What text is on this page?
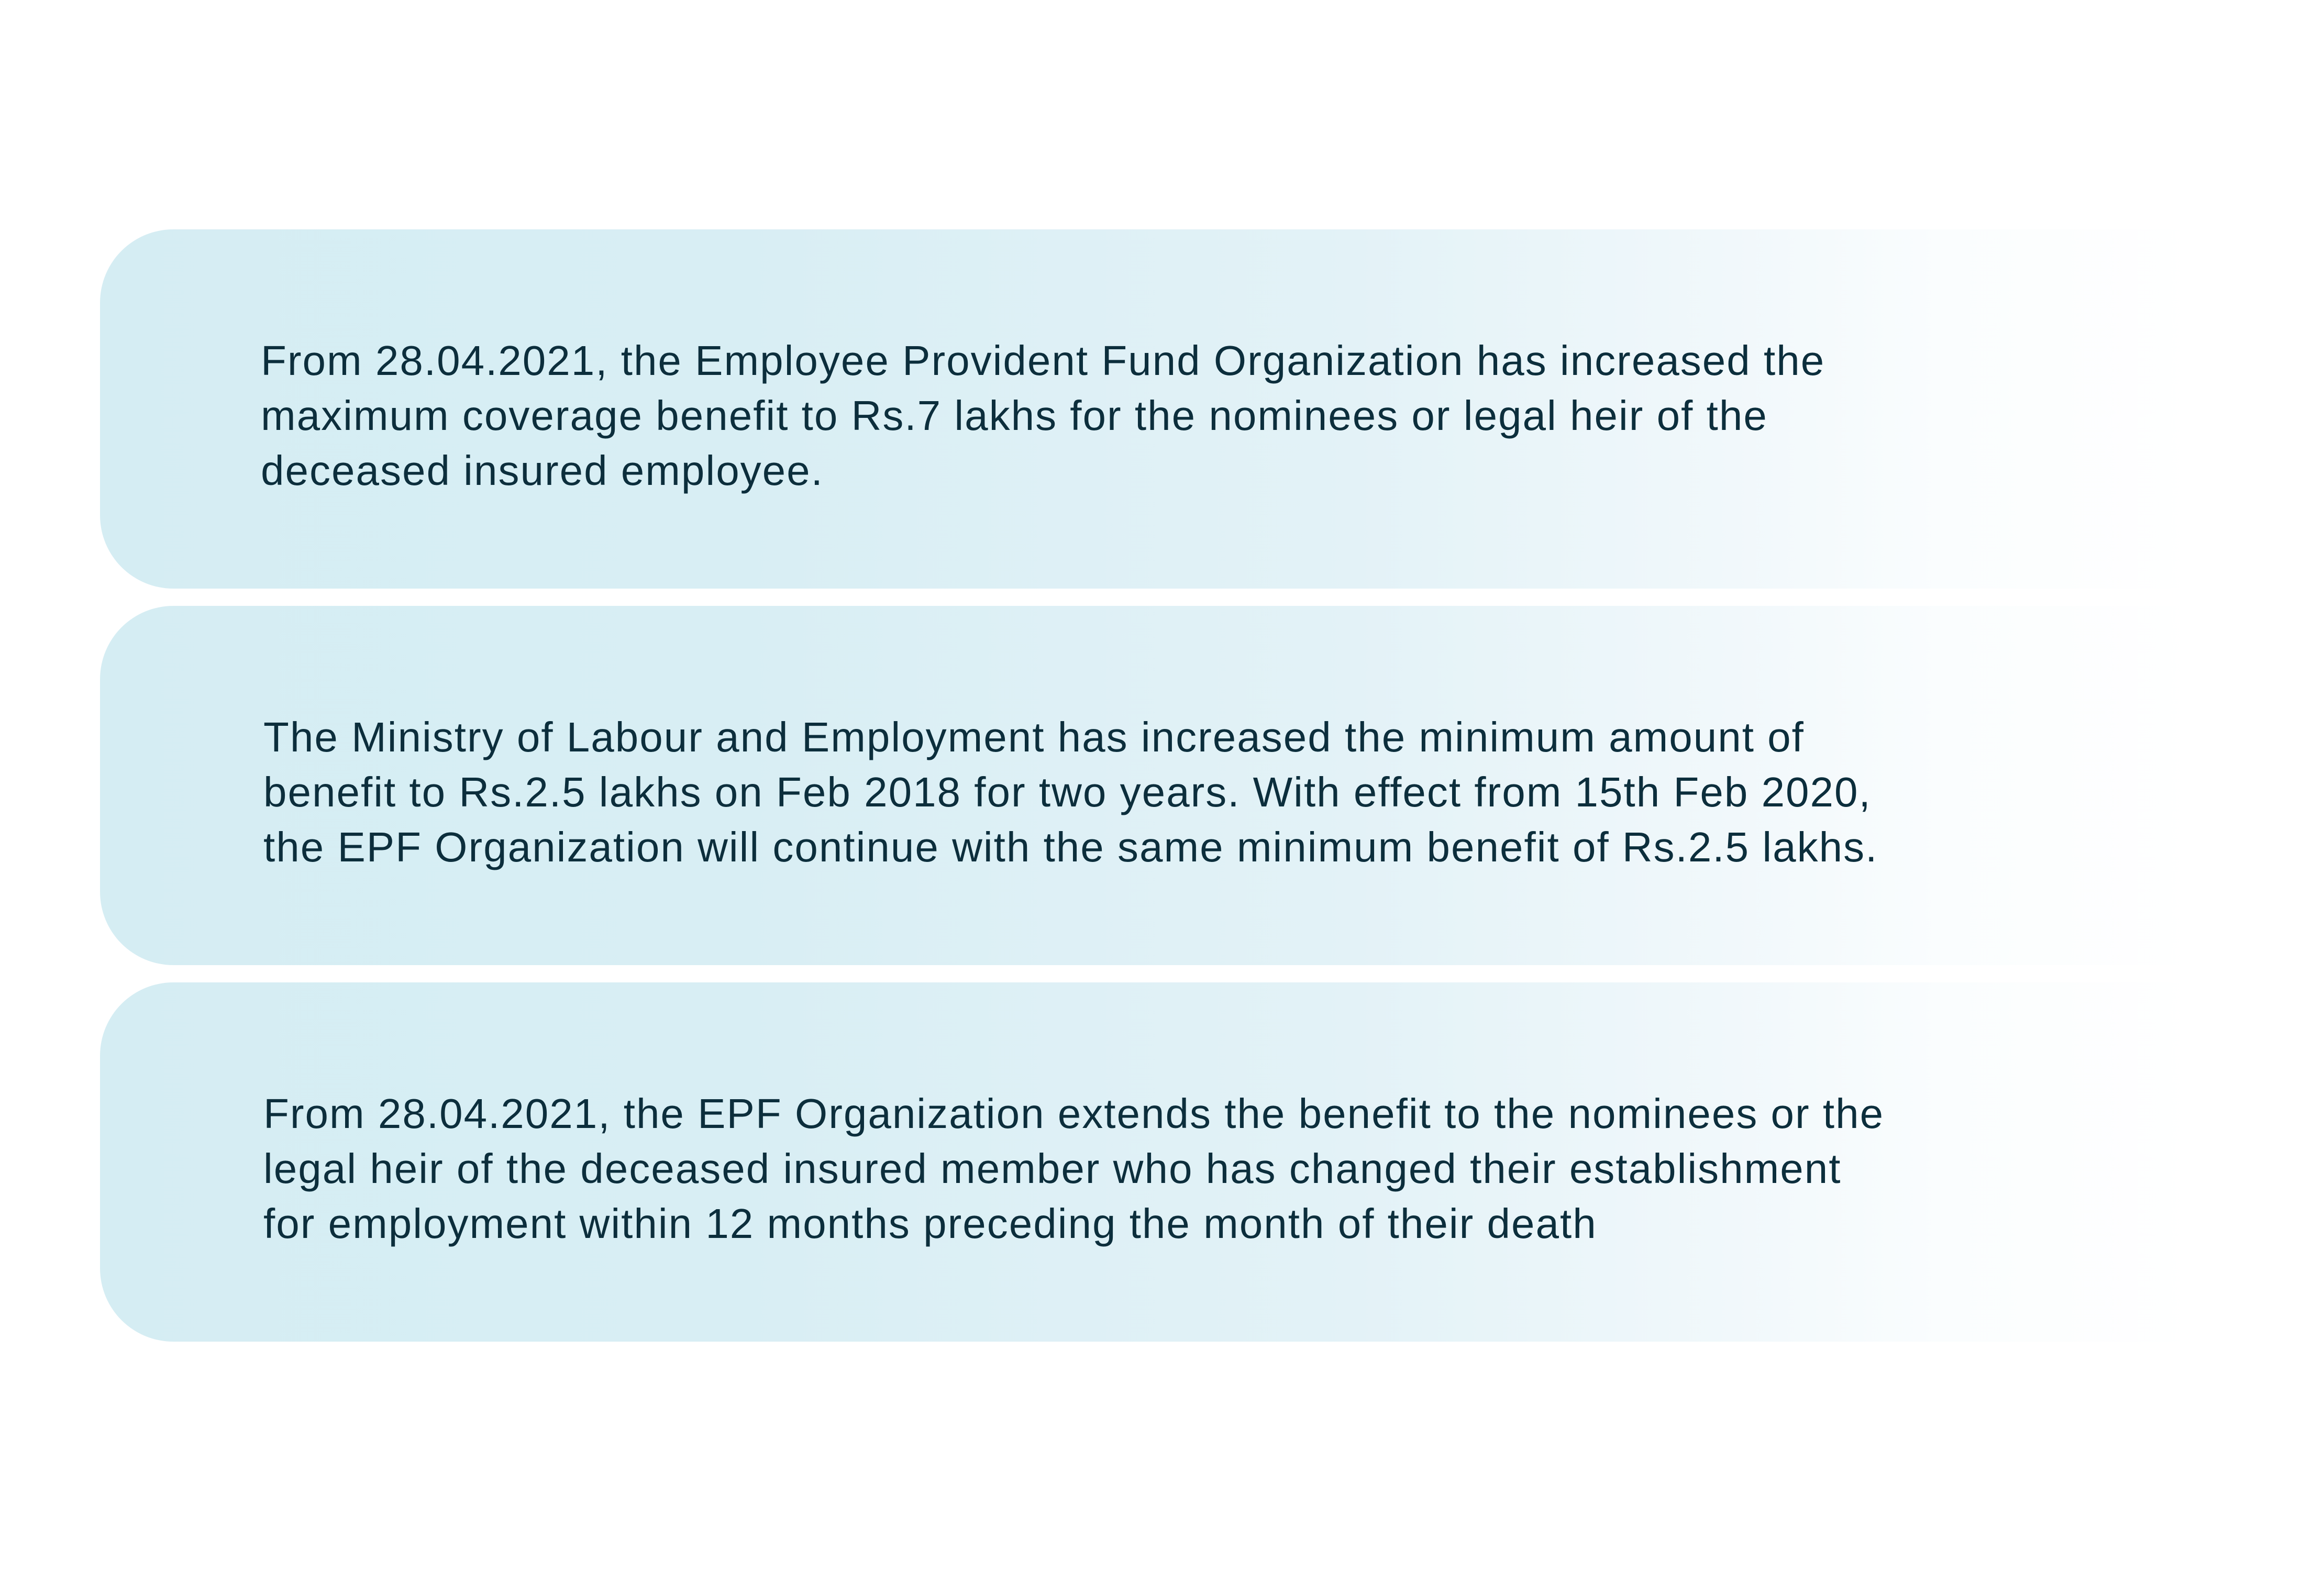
From 28.04.2021, the Employee Provident Fund Organization has increased the
maximum coverage benefit to Rs.7 lakhs for the nominees or legal heir of the
deceased insured employee.

The Ministry of Labour and Employment has increased the minimum amount of
benefit to Rs.2.5 lakhs on Feb 2018 for two years. With effect from 15th Feb 2020,
the EPF Organization will continue with the same minimum benefit of Rs.2.5 lakhs.

From 28.04.2021, the EPF Organization extends the benefit to the nominees or the
legal heir of the deceased insured member who has changed their establishment
for employment within 12 months preceding the month of their death
